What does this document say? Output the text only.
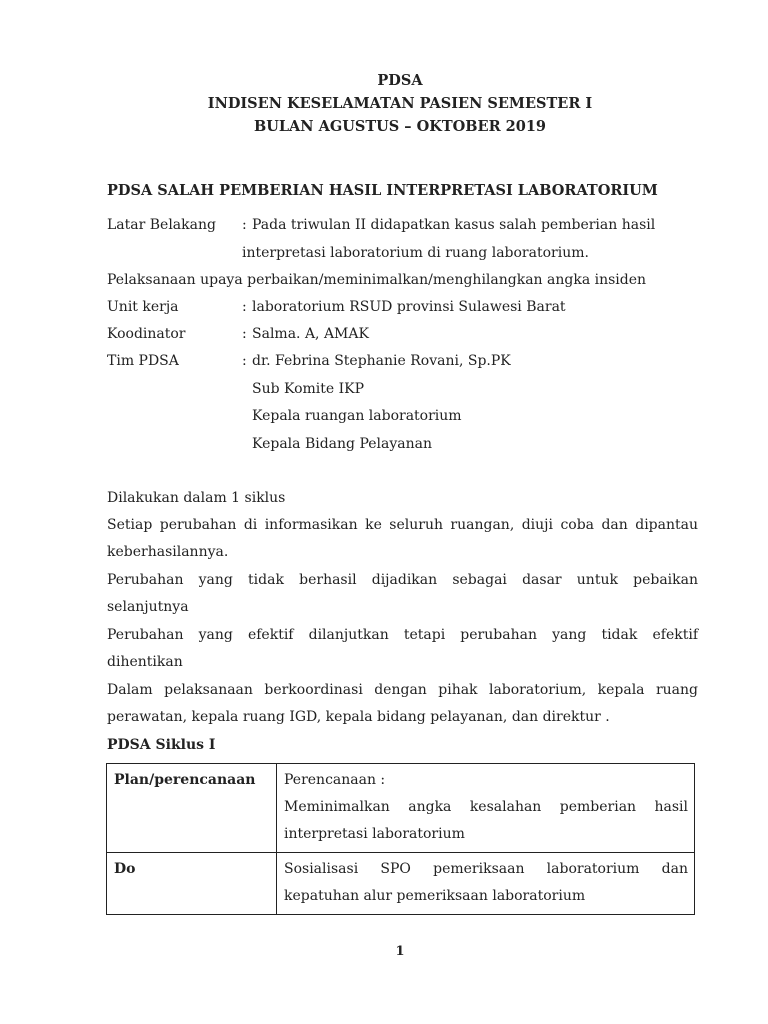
PDSA
INDISEN KESELAMATAN PASIEN SEMESTER I
BULAN AGUSTUS – OKTOBER 2019
PDSA SALAH PEMBERIAN HASIL INTERPRETASI LABORATORIUM
Latar Belakang : Pada triwulan II didapatkan kasus salah pemberian hasil
interpretasi laboratorium di ruang laboratorium.
Pelaksanaan upaya perbaikan/meminimalkan/menghilangkan angka insiden
Unit kerja	: laboratorium RSUD provinsi Sulawesi Barat
Koodinator	: Salma. A, AMAK
Tim PDSA	: dr. Febrina Stephanie Rovani, Sp.PK
Sub Komite IKP
Kepala ruangan laboratorium
Kepala Bidang Pelayanan
Dilakukan dalam 1 siklus
Setiap perubahan di informasikan ke seluruh ruangan, diuji coba dan dipantau
keberhasilannya.
Perubahan yang tidak berhasil dijadikan sebagai dasar untuk pebaikan
selanjutnya
Perubahan yang efektif dilanjutkan tetapi perubahan yang tidak efektif
dihentikan
Dalam pelaksanaan berkoordinasi dengan pihak laboratorium, kepala ruang
perawatan, kepala ruang IGD, kepala bidang pelayanan, dan direktur .
PDSA Siklus I
Plan/perencanaan	Perencanaan :
Meminimalkan angka kesalahan pemberian hasil
interpretasi laboratorium

Do	Sosialisasi SPO pemeriksaan laboratorium dan
kepatuhan alur pemeriksaan laboratorium
1
